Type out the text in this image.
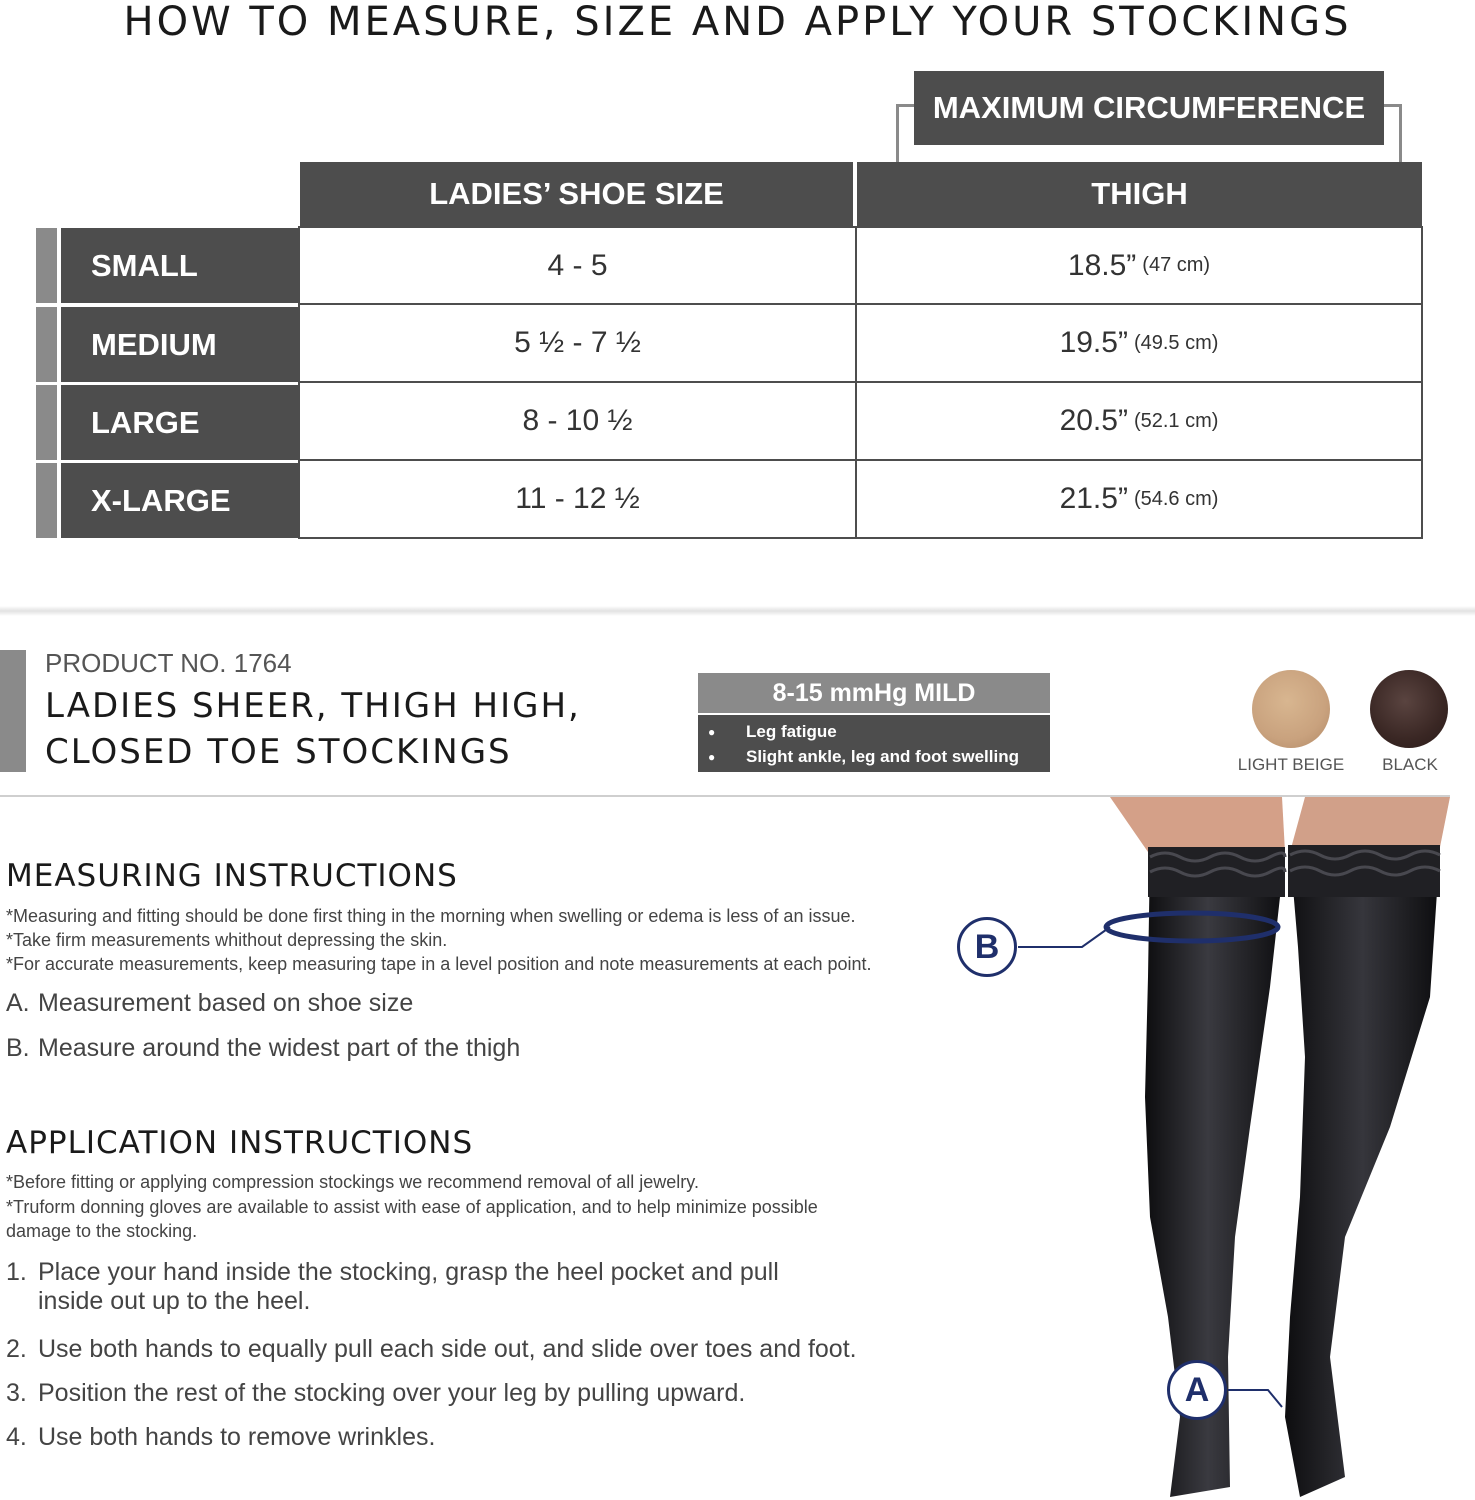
HOW TO MEASURE, SIZE AND APPLY YOUR STOCKINGS
MAXIMUM CIRCUMFERENCE
LADIES’ SHOE SIZE	THIGH
SMALL	4 - 5	18.5” (47 cm)
MEDIUM	5 ½ - 7 ½	19.5” (49.5 cm)
LARGE	8 - 10 ½	20.5” (52.1 cm)
X-LARGE	11 - 12 ½	21.5” (54.6 cm)
PRODUCT NO. 1764
LADIES SHEER, THIGH HIGH,
CLOSED TOE STOCKINGS
8-15 mmHg MILD
●	Leg fatigue
●	Slight ankle, leg and foot swelling	LIGHT BEIGE	BLACK
MEASURING INSTRUCTIONS
*Measuring and fitting should be done first thing in the morning when swelling or edema is less of an issue.
*Take firm measurements whithout depressing the skin.
*For accurate measurements, keep measuring tape in a level position and note measurements at each point.
A. Measurement based on shoe size
B. Measure around the widest part of the thigh
APPLICATION INSTRUCTIONS
*Before fitting or applying compression stockings we recommend removal of all jewelry.
*Truform donning gloves are available to assist with ease of application, and to help minimize possible
damage to the stocking.
1. Place your hand inside the stocking, grasp the heel pocket and pull
inside out up to the heel.
2. Use both hands to equally pull each side out, and slide over toes and foot.
3. Position the rest of the stocking over your leg by pulling upward.
4. Use both hands to remove wrinkles.
B
A
